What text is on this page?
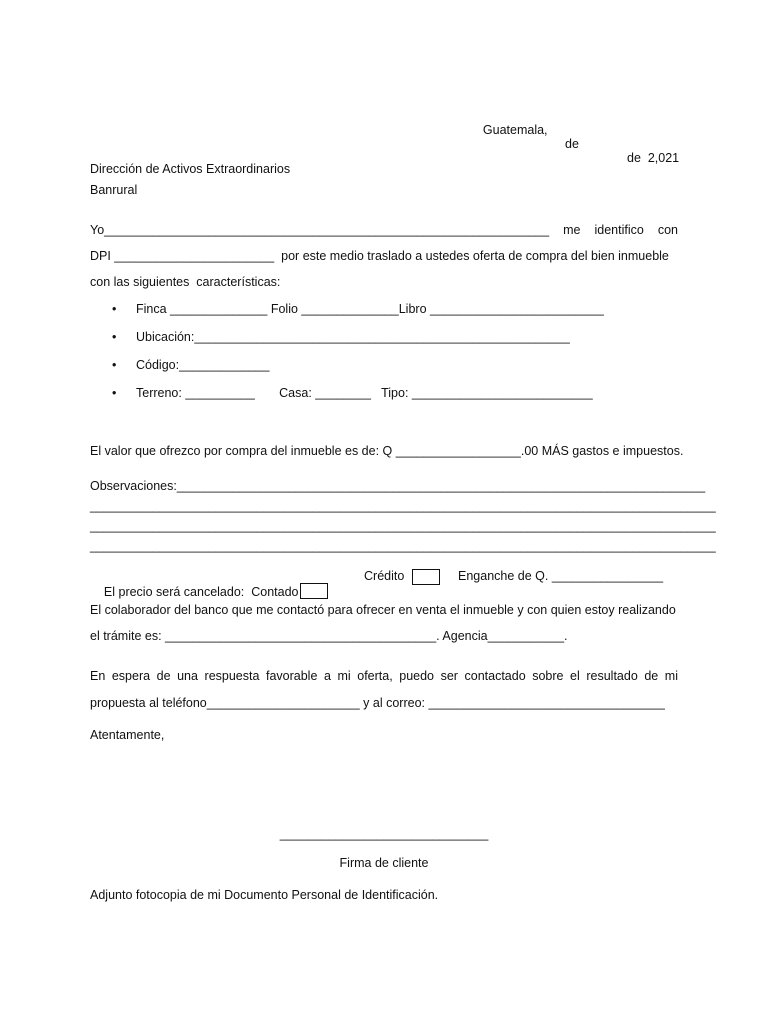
Guatemala,

de

de  2,021

Dirección de Activos Extraordinarios
Banrural
Yo________________________________________________________________ me identifico con
DPI _______________________  por este medio traslado a ustedes oferta de compra del bien inmueble
con las siguientes  características:
• Finca ______________ Folio ______________Libro _________________________
• Ubicación:______________________________________________________
• Código:_____________
• Terreno: __________       Casa: ________   Tipo: __________________________
El valor que ofrezco por compra del inmueble es de: Q __________________.00 MÁS gastos e impuestos.
Observaciones:____________________________________________________________________________
__________________________________________________________________________________________
__________________________________________________________________________________________
__________________________________________________________________________________________

El precio será cancelado:  Contado

Crédito

	Enganche de Q. ________________

El colaborador del banco que me contactó para ofrecer en venta el inmueble y con quien estoy realizando
el trámite es: _______________________________________. Agencia___________.
En espera de una respuesta favorable a mi oferta, puedo ser contactado sobre el resultado de mi
propuesta al teléfono______________________ y al correo: __________________________________
Atentamente,
______________________________
Firma de cliente
Adjunto fotocopia de mi Documento Personal de Identificación.
